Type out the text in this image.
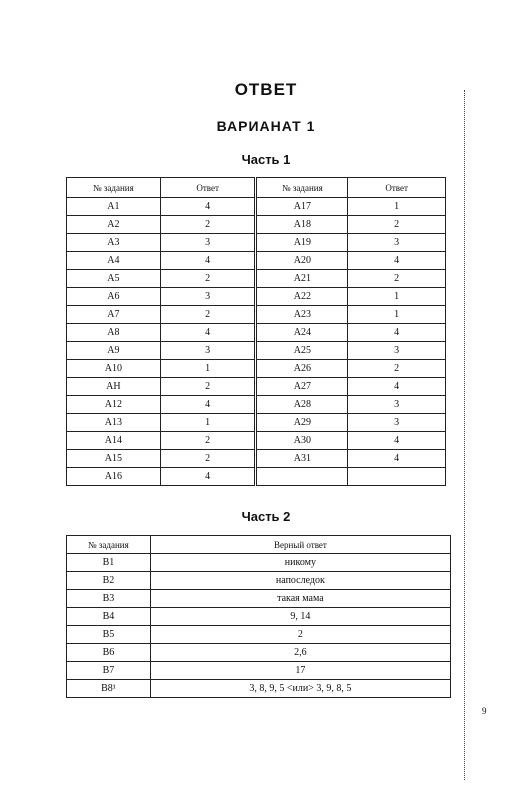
ОТВЕТ
ВАРИАНАТ 1
Часть 1
№ задания	Ответ	№ задания	Ответ
A1	4	A17	1
A2	2	A18	2
A3	3	A19	3
A4	4	A20	4
A5	2	A21	2
A6	3	A22	1
A7	2	A23	1
A8	4	A24	4
A9	3	A25	3
A10	1	A26	2
AH	2	A27	4
A12	4	A28	3
A13	1	A29	3
A14	2	A30	4
A15	2	A31	4
A16	4		
Часть 2
№ задания	Верный ответ
B1	никому
B2	напоследок
B3	такая мама
B4	9, 14
B5	2
B6	2,6
B7	17
B8¹	3, 8, 9, 5 <или> 3, 9, 8, 5
9
